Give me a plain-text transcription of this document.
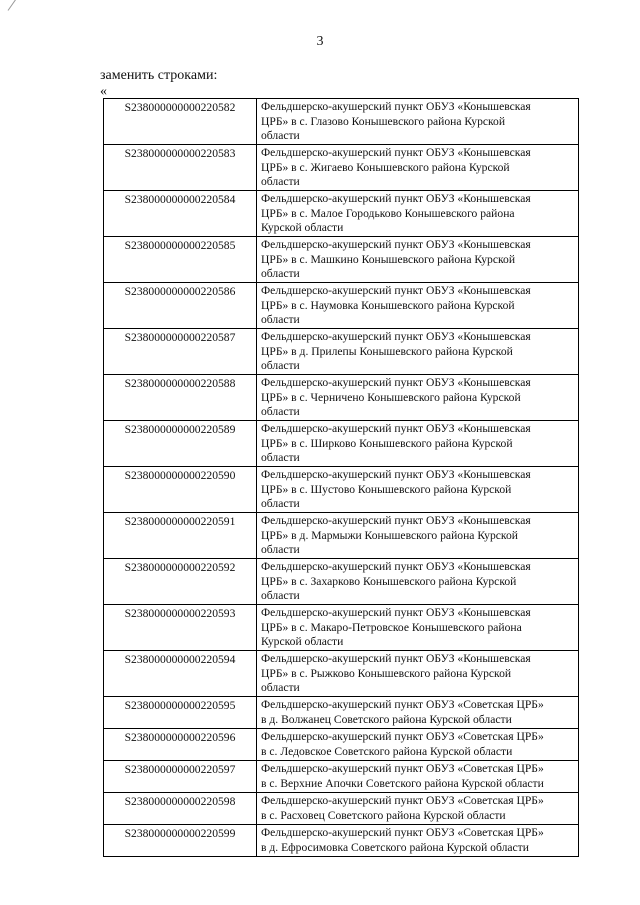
3
заменить строками:
«
S238000000000220582	Фельдшерско-акушерский пункт ОБУЗ «Конышевская
ЦРБ» в с. Глазово Конышевского района Курской
области

S238000000000220583	Фельдшерско-акушерский пункт ОБУЗ «Конышевская
ЦРБ» в с. Жигаево Конышевского района Курской
области

S238000000000220584	Фельдшерско-акушерский пункт ОБУЗ «Конышевская
ЦРБ» в с. Малое Городьково Конышевского района
Курской области

S238000000000220585	Фельдшерско-акушерский пункт ОБУЗ «Конышевская
ЦРБ» в с. Машкино Конышевского района Курской
области

S238000000000220586	Фельдшерско-акушерский пункт ОБУЗ «Конышевская
ЦРБ» в с. Наумовка Конышевского района Курской
области

S238000000000220587	Фельдшерско-акушерский пункт ОБУЗ «Конышевская
ЦРБ» в д. Прилепы Конышевского района Курской
области

S238000000000220588	Фельдшерско-акушерский пункт ОБУЗ «Конышевская
ЦРБ» в с. Черничено Конышевского района Курской
области

S238000000000220589	Фельдшерско-акушерский пункт ОБУЗ «Конышевская
ЦРБ» в с. Ширково Конышевского района Курской
области

S238000000000220590	Фельдшерско-акушерский пункт ОБУЗ «Конышевская
ЦРБ» в с. Шустово Конышевского района Курской
области

S238000000000220591	Фельдшерско-акушерский пункт ОБУЗ «Конышевская
ЦРБ» в д. Мармыжи Конышевского района Курской
области

S238000000000220592	Фельдшерско-акушерский пункт ОБУЗ «Конышевская
ЦРБ» в с. Захарково Конышевского района Курской
области

S238000000000220593	Фельдшерско-акушерский пункт ОБУЗ «Конышевская
ЦРБ» в с. Макаро-Петровское Конышевского района
Курской области

S238000000000220594	Фельдшерско-акушерский пункт ОБУЗ «Конышевская
ЦРБ» в с. Рыжково Конышевского района Курской
области

S238000000000220595	Фельдшерско-акушерский пункт ОБУЗ «Советская ЦРБ»
в д. Волжанец Советского района Курской области

S238000000000220596	Фельдшерско-акушерский пункт ОБУЗ «Советская ЦРБ»
в с. Ледовское Советского района Курской области

S238000000000220597	Фельдшерско-акушерский пункт ОБУЗ «Советская ЦРБ»
в с. Верхние Апочки Советского района Курской области

S238000000000220598	Фельдшерско-акушерский пункт ОБУЗ «Советская ЦРБ»
в с. Расховец Советского района Курской области

S238000000000220599	Фельдшерско-акушерский пункт ОБУЗ «Советская ЦРБ»
в д. Ефросимовка Советского района Курской области
